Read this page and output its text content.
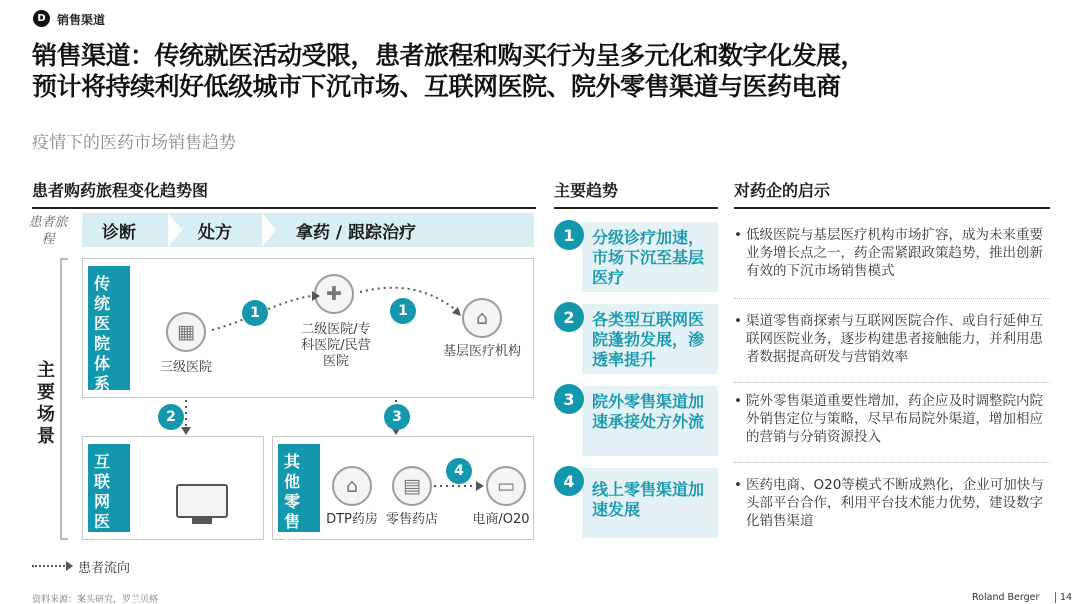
D 销售渠道
销售渠道：传统就医活动受限，患者旅程和购买行为呈多元化和数字化发展，
预计将持续利好低级城市下沉市场、互联网医院、院外零售渠道与医药电商
疫情下的医药市场销售趋势
患者购药旅程变化趋势图	主要趋势	对药企的启示
患者旅程	诊断	处方	拿药 / 跟踪治疗
主要场景
传统医院体系
▦
三级医院
✚
二级医院/专科医院/民营医院
⌂
基层医疗机构
互联网医院
其他零售渠道
⌂
DTP药房
▤
零售药店
▭
电商/O20
1	1
2	3
4
分级诊疗加速，市场下沉至基层医疗
1
各类型互联网医院蓬勃发展，渗透率提升
2
院外零售渠道加速承接处方外流
3
线上零售渠道加速发展
4
• 低级医院与基层医疗机构市场扩容，成为未来重要业务增长点之一，药企需紧跟政策趋势，推出创新有效的下沉市场销售模式
• 渠道零售商探索与互联网医院合作、或自行延伸互联网医院业务，逐步构建患者接触能力，并利用患者数据提高研发与营销效率
• 院外零售渠道重要性增加，药企应及时调整院内院外销售定位与策略，尽早布局院外渠道，增加相应的营销与分销资源投入
• 医药电商、O20等模式不断成熟化，企业可加快与头部平台合作，利用平台技术能力优势，建设数字化销售渠道
患者流向
资料来源：案头研究，罗兰贝格	Roland Berger 14
